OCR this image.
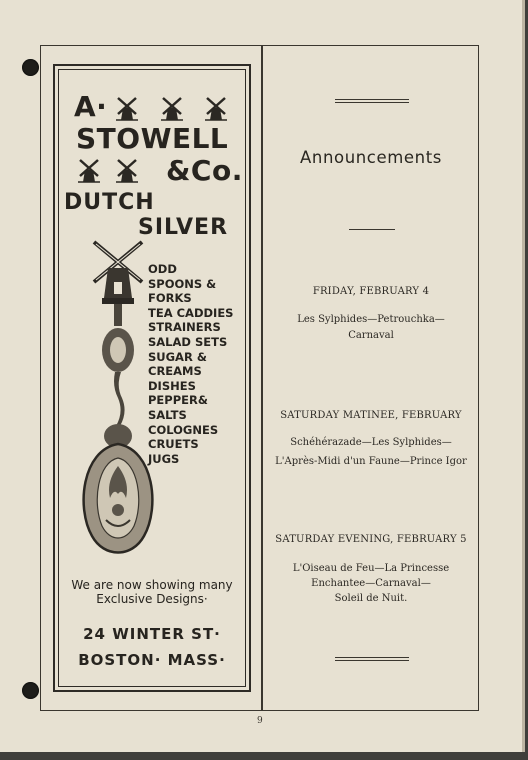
A·
STOWELL
&Co.
DUTCH
SILVER
ODD
SPOONS &
FORKS
TEA CADDIES
STRAINERS
SALAD SETS
SUGAR &
CREAMS
DISHES
PEPPER&
SALTS
COLOGNES
CRUETS
JUGS
We are now showing many
Exclusive Designs·
24 WINTER ST·
BOSTON· MASS·
Announcements
FRIDAY, FEBRUARY 4
Les Sylphides—Petrouchka—
Carnaval
SATURDAY MATINEE, FEBRUARY
Schéhérazade—Les Sylphides—
L'Après-Midi d'un Faune—Prince Igor
SATURDAY EVENING, FEBRUARY 5
L'Oiseau de Feu—La Princesse
Enchantee—Carnaval—
Soleil de Nuit.
9
